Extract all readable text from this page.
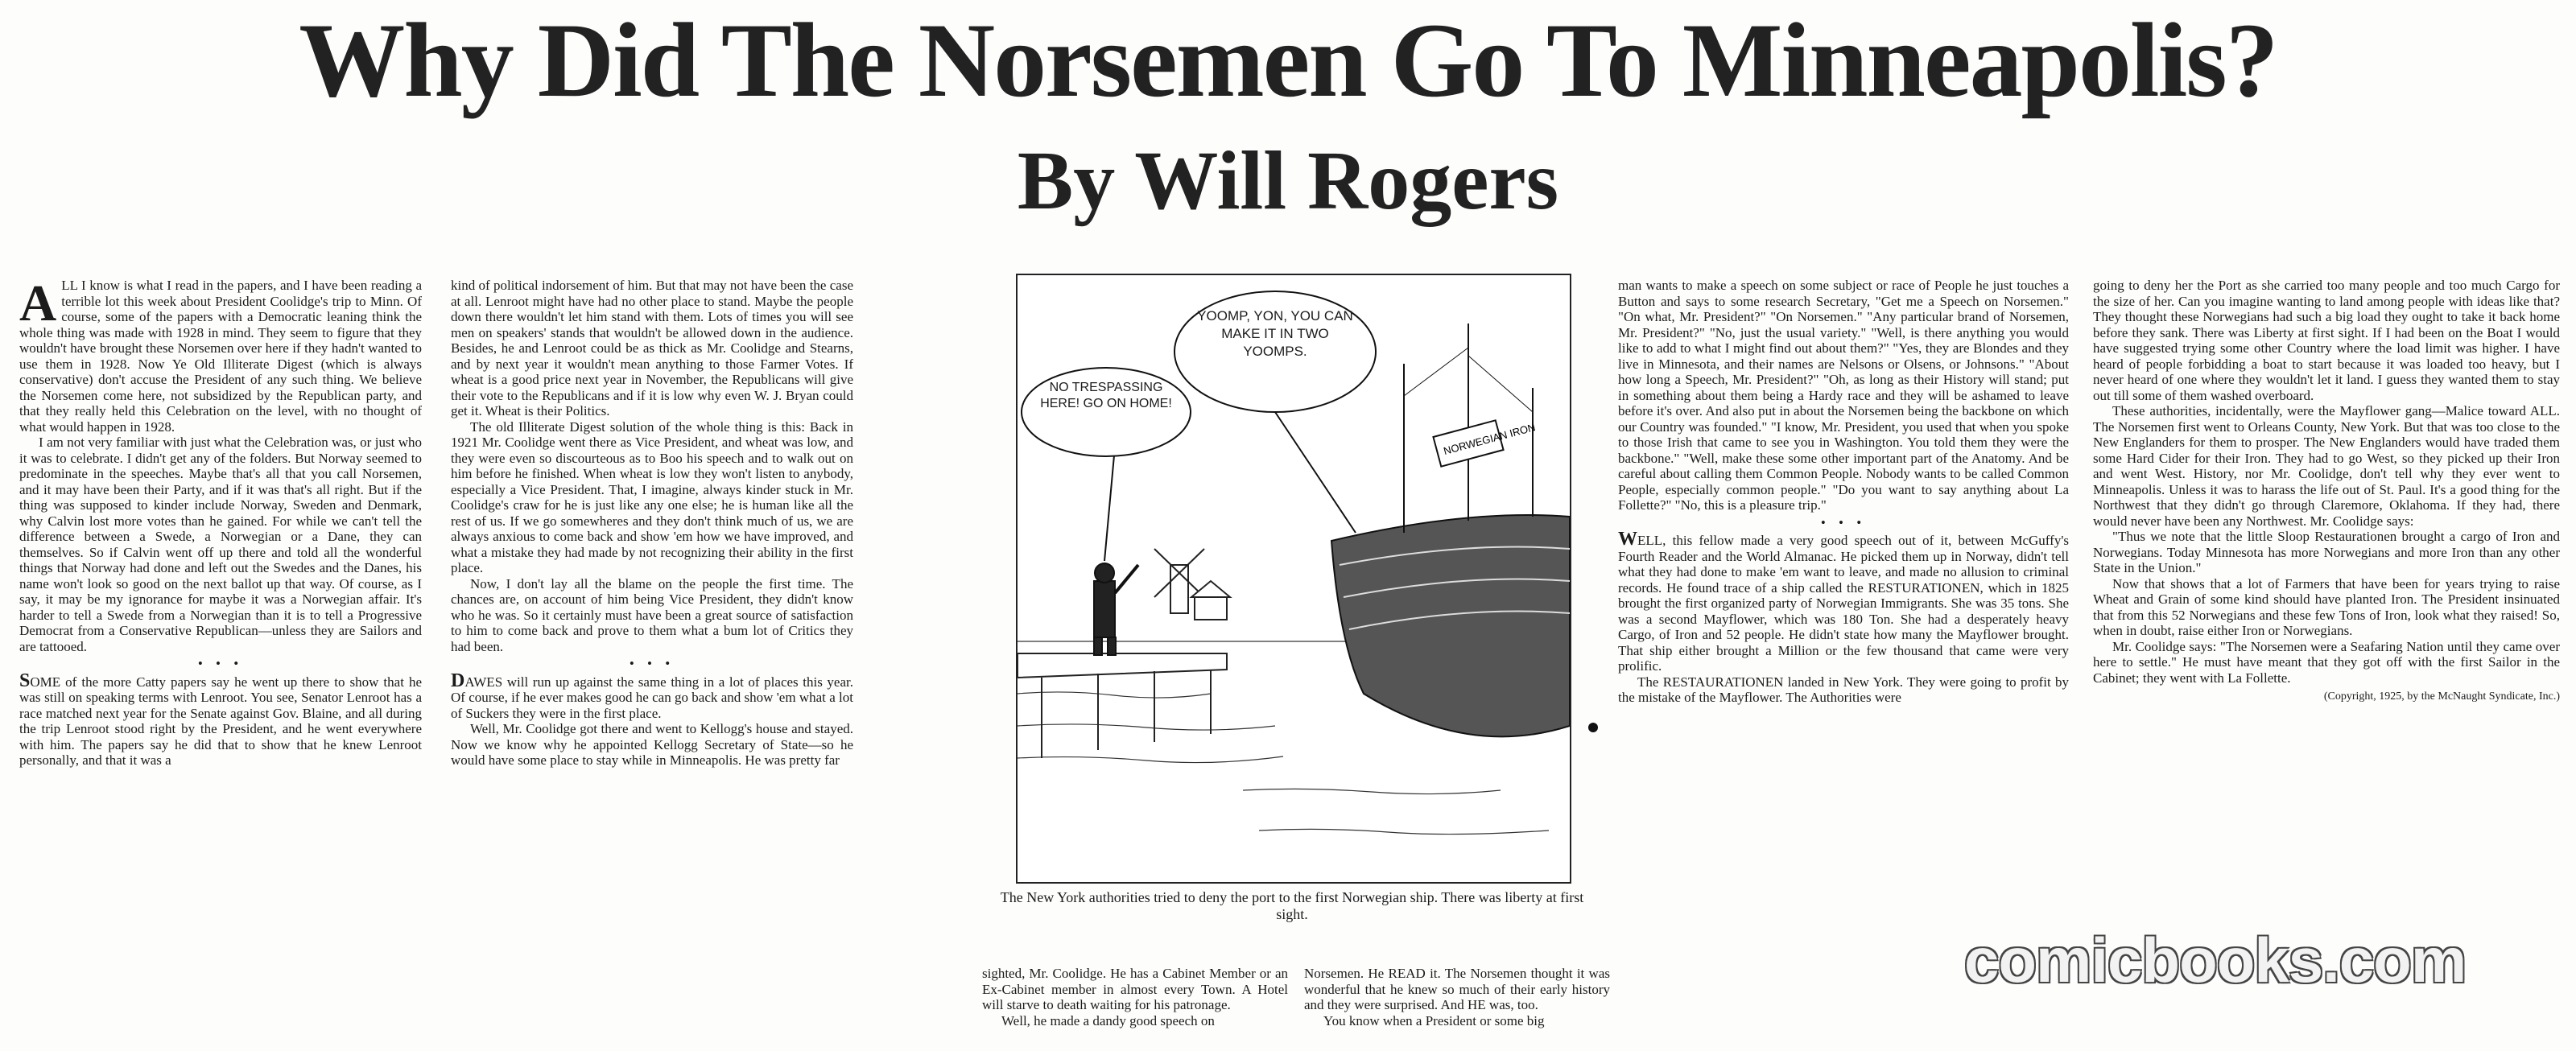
Why Did The Norsemen Go To Minneapolis?
By Will Rogers

ALL I know is what I read in the papers, and I have been reading a terrible lot this week about President Coolidge's trip to Minn. Of course, some of the papers with a Democratic leaning think the whole thing was made with 1928 in mind. They seem to figure that they wouldn't have brought these Norsemen over here if they hadn't wanted to use them in 1928. Now Ye Old Illiterate Digest (which is always conservative) don't accuse the President of any such thing. We believe the Norsemen come here, not subsidized by the Republican party, and that they really held this Celebration on the level, with no thought of what would happen in 1928.

I am not very familiar with just what the Celebration was, or just who it was to celebrate. I didn't get any of the folders. But Norway seemed to predominate in the speeches. Maybe that's all that you call Norsemen, and it may have been their Party, and if it was that's all right. But if the thing was supposed to kinder include Norway, Sweden and Denmark, why Calvin lost more votes than he gained. For while we can't tell the difference between a Swede, a Norwegian or a Dane, they can themselves. So if Calvin went off up there and told all the wonderful things that Norway had done and left out the Swedes and the Danes, his name won't look so good on the next ballot up that way. Of course, as I say, it may be my ignorance for maybe it was a Norwegian affair. It's harder to tell a Swede from a Norwegian than it is to tell a Progressive Democrat from a Conservative Republican—unless they are Sailors and are tattooed.

• • •

SOME of the more Catty papers say he went up there to show that he was still on speaking terms with Lenroot. You see, Senator Lenroot has a race matched next year for the Senate against Gov. Blaine, and all during the trip Lenroot stood right by the President, and he went everywhere with him. The papers say he did that to show that he knew Lenroot personally, and that it was a

kind of political indorsement of him. But that may not have been the case at all. Lenroot might have had no other place to stand. Maybe the people down there wouldn't let him stand with them. Lots of times you will see men on speakers' stands that wouldn't be allowed down in the audience. Besides, he and Lenroot could be as thick as Mr. Coolidge and Stearns, and by next year it wouldn't mean anything to those Farmer Votes. If wheat is a good price next year in November, the Republicans will give their vote to the Republicans and if it is low why even W. J. Bryan could get it. Wheat is their Politics.

The old Illiterate Digest solution of the whole thing is this: Back in 1921 Mr. Coolidge went there as Vice President, and wheat was low, and they were even so discourteous as to Boo his speech and to walk out on him before he finished. When wheat is low they won't listen to anybody, especially a Vice President. That, I imagine, always kinder stuck in Mr. Coolidge's craw for he is just like any one else; he is human like all the rest of us. If we go somewheres and they don't think much of us, we are always anxious to come back and show 'em how we have improved, and what a mistake they had made by not recognizing their ability in the first place.

Now, I don't lay all the blame on the people the first time. The chances are, on account of him being Vice President, they didn't know who he was. So it certainly must have been a great source of satisfaction to him to come back and prove to them what a bum lot of Critics they had been.

• • •

DAWES will run up against the same thing in a lot of places this year. Of course, if he ever makes good he can go back and show 'em what a lot of Suckers they were in the first place.

Well, Mr. Coolidge got there and went to Kellogg's house and stayed. Now we know why he appointed Kellogg Secretary of State—so he would have some place to stay while in Minneapolis. He was pretty far

NORWEGIAN IRON
NO TRESPASSING HERE! GO ON HOME!
YOOMP, YON, YOU CAN MAKE IT IN TWO YOOMPS.
The New York authorities tried to deny the port to the first Norwegian ship. There was liberty at first sight.

sighted, Mr. Coolidge. He has a Cabinet Member or an Ex-Cabinet member in almost every Town. A Hotel will starve to death waiting for his patronage.

Well, he made a dandy good speech on

Norsemen. He READ it. The Norsemen thought it was wonderful that he knew so much of their early history and they were surprised. And HE was, too.

You know when a President or some big

man wants to make a speech on some subject or race of People he just touches a Button and says to some research Secretary, "Get me a Speech on Norsemen." "On what, Mr. President?" "On Norsemen." "Any particular brand of Norsemen, Mr. President?" "No, just the usual variety." "Well, is there anything you would like to add to what I might find out about them?" "Yes, they are Blondes and they live in Minnesota, and their names are Nelsons or Olsens, or Johnsons." "About how long a Speech, Mr. President?" "Oh, as long as their History will stand; put in something about them being a Hardy race and they will be ashamed to leave before it's over. And also put in about the Norsemen being the backbone on which our Country was founded." "I know, Mr. President, you used that when you spoke to those Irish that came to see you in Washington. You told them they were the backbone." "Well, make these some other important part of the Anatomy. And be careful about calling them Common People. Nobody wants to be called Common People, especially common people." "Do you want to say anything about La Follette?" "No, this is a pleasure trip."

• • •

WELL, this fellow made a very good speech out of it, between McGuffy's Fourth Reader and the World Almanac. He picked them up in Norway, didn't tell what they had done to make 'em want to leave, and made no allusion to criminal records. He found trace of a ship called the RESTURATIONEN, which in 1825 brought the first organized party of Norwegian Immigrants. She was 35 tons. She was a second Mayflower, which was 180 Ton. She had a desperately heavy Cargo, of Iron and 52 people. He didn't state how many the Mayflower brought. That ship either brought a Million or the few thousand that came were very prolific.

The RESTAURATIONEN landed in New York. They were going to profit by the mistake of the Mayflower. The Authorities were

going to deny her the Port as she carried too many people and too much Cargo for the size of her. Can you imagine wanting to land among people with ideas like that? They thought these Norwegians had such a big load they ought to take it back home before they sank. There was Liberty at first sight. If I had been on the Boat I would have suggested trying some other Country where the load limit was higher. I have heard of people forbidding a boat to start because it was loaded too heavy, but I never heard of one where they wouldn't let it land. I guess they wanted them to stay out till some of them washed overboard.

These authorities, incidentally, were the Mayflower gang—Malice toward ALL. The Norsemen first went to Orleans County, New York. But that was too close to the New Englanders for them to prosper. The New Englanders would have traded them some Hard Cider for their Iron. They had to go West, so they picked up their Iron and went West. History, nor Mr. Coolidge, don't tell why they ever went to Minneapolis. Unless it was to harass the life out of St. Paul. It's a good thing for the Northwest that they didn't go through Claremore, Oklahoma. If they had, there would never have been any Northwest. Mr. Coolidge says:

"Thus we note that the little Sloop Restaurationen brought a cargo of Iron and Norwegians. Today Minnesota has more Norwegians and more Iron than any other State in the Union."

Now that shows that a lot of Farmers that have been for years trying to raise Wheat and Grain of some kind should have planted Iron. The President insinuated that from this 52 Norwegians and these few Tons of Iron, look what they raised! So, when in doubt, raise either Iron or Norwegians.

Mr. Coolidge says: "The Norsemen were a Seafaring Nation until they came over here to settle." He must have meant that they got off with the first Sailor in the Cabinet; they went with La Follette.

(Copyright, 1925, by the McNaught Syndicate, Inc.)
comicbooks.com
